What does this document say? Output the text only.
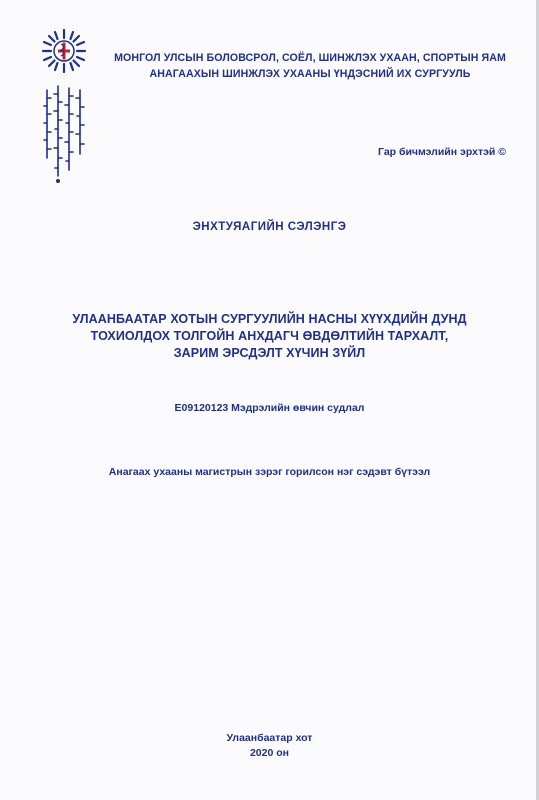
МОНГОЛ УЛСЫН БОЛОВСРОЛ, СОЁЛ, ШИНЖЛЭХ УХААН, СПОРТЫН ЯАМ
АНАГААХЫН ШИНЖЛЭХ УХААНЫ ҮНДЭСНИЙ ИХ СУРГУУЛЬ
Гар бичмэлийн эрхтэй ©
ЭНХТУЯАГИЙН СЭЛЭНГЭ
УЛААНБААТАР ХОТЫН СУРГУУЛИЙН НАСНЫ ХҮҮХДИЙН ДУНД
ТОХИОЛДОХ ТОЛГОЙН АНХДАГЧ ӨВДӨЛТИЙН ТАРХАЛТ,
ЗАРИМ ЭРСДЭЛТ ХҮЧИН ЗҮЙЛ
E09120123 Мэдрэлийн өвчин судлал
Анагаах ухааны магистрын зэрэг горилсон нэг сэдэвт бүтээл
Улаанбаатар хот
2020 он
